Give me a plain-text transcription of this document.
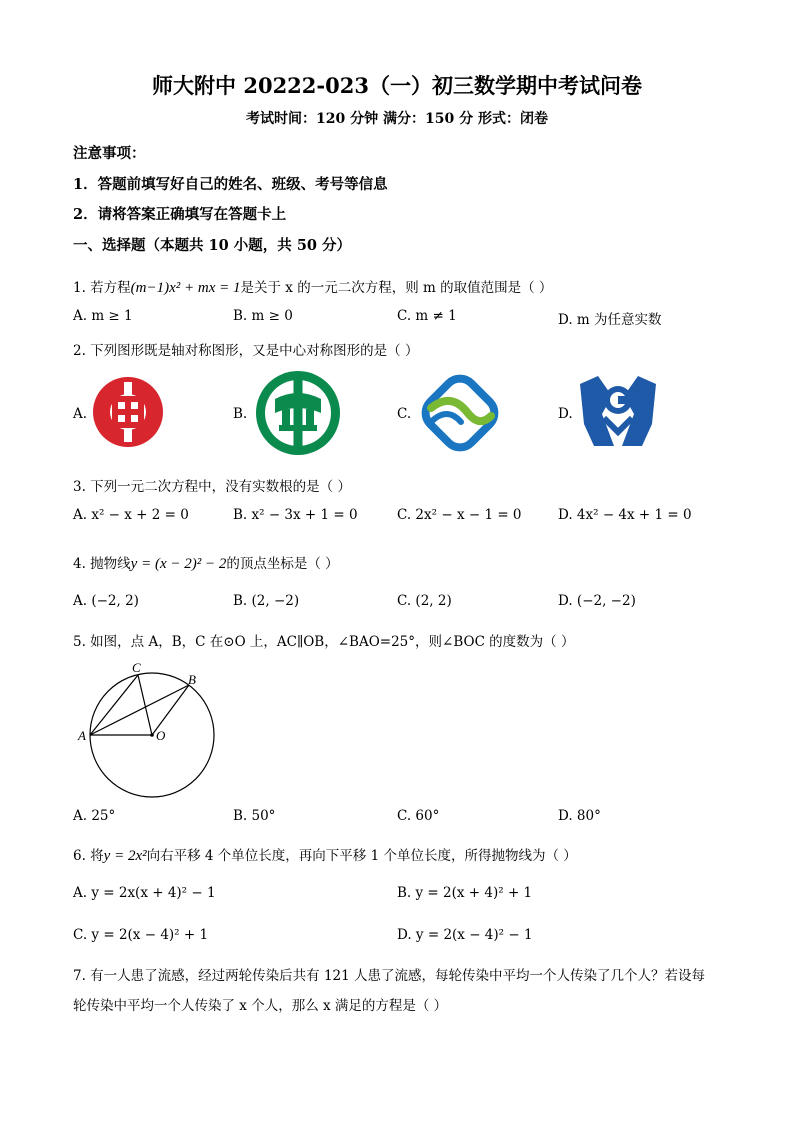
师大附中 20222-023（一）初三数学期中考试问卷
考试时间：120 分钟 满分：150 分 形式：闭卷
注意事项：
1．答题前填写好自己的姓名、班级、考号等信息
2．请将答案正确填写在答题卡上
一、选择题（本题共 10 小题，共 50 分）
1. 若方程(m−1)x² + mx = 1是关于 x 的一元二次方程，则 m 的取值范围是（ ）
A. m ≥ 1	B. m ≥ 0	C. m ≠ 1	D. m 为任意实数
2. 下列图形既是轴对称图形，又是中心对称图形的是（ ）
A.	B.	C.	D.
3. 下列一元二次方程中，没有实数根的是（ ）
A. x² − x + 2 = 0	B. x² − 3x + 1 = 0	C. 2x² − x − 1 = 0	D. 4x² − 4x + 1 = 0
4. 抛物线y = (x − 2)² − 2的顶点坐标是（ ）
A. (−2, 2)	B. (2, −2)	C. (2, 2)	D. (−2, −2)
5. 如图，点 A，B，C 在⊙O 上，AC∥OB，∠BAO=25°，则∠BOC 的度数为（ ）
A
C
B
O
A. 25°	B. 50°	C. 60°	D. 80°
6. 将y = 2x²向右平移 4 个单位长度，再向下平移 1 个单位长度，所得抛物线为（ ）
A. y = 2x(x + 4)² − 1	B. y = 2(x + 4)² + 1
C. y = 2(x − 4)² + 1	D. y = 2(x − 4)² − 1
7. 有一人患了流感，经过两轮传染后共有 121 人患了流感，每轮传染中平均一个人传染了几个人？若设每
轮传染中平均一个人传染了 x 个人，那么 x 满足的方程是（ ）
